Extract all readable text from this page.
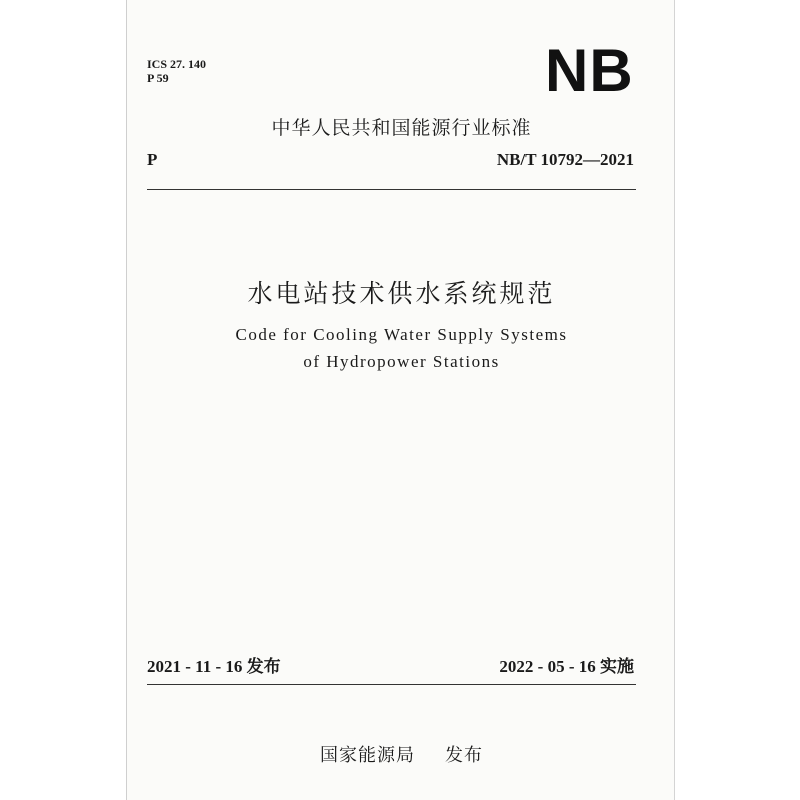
ICS 27. 140
P 59	NB
中华人民共和国能源行业标准
P	NB/T 10792—2021
水电站技术供水系统规范
Code for Cooling Water Supply Systems
of Hydropower Stations
2021 - 11 - 16 发布	2022 - 05 - 16 实施
国家能源局 发布
